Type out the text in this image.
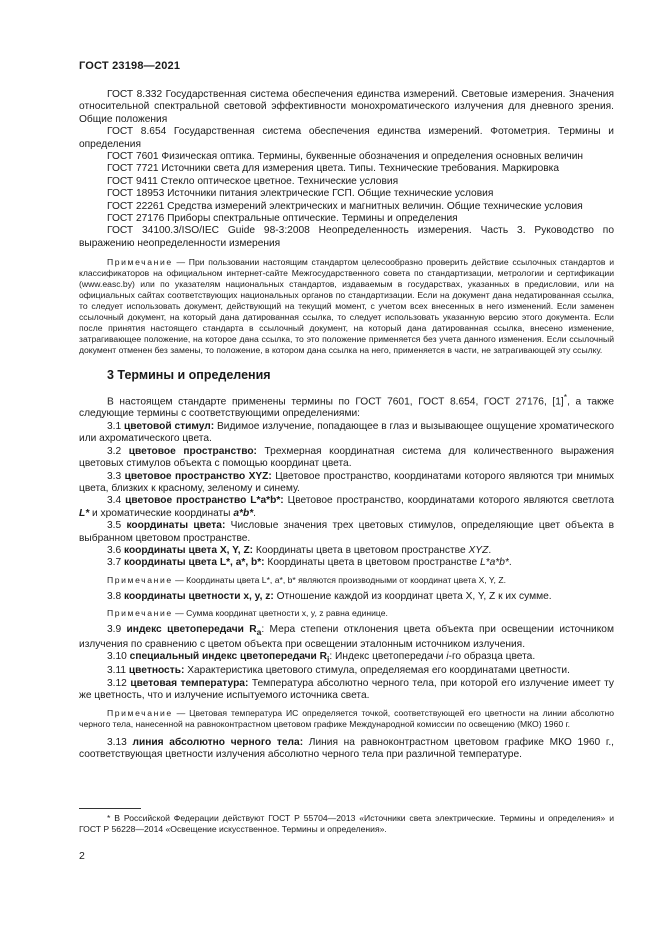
ГОСТ 23198—2021

ГОСТ 8.332 Государственная система обеспечения единства измерений. Световые измерения. Значения относительной спектральной световой эффективности монохроматического излучения для дневного зрения. Общие положения

ГОСТ 8.654 Государственная система обеспечения единства измерений. Фотометрия. Термины и определения

ГОСТ 7601 Физическая оптика. Термины, буквенные обозначения и определения основных величин

ГОСТ 7721 Источники света для измерения цвета. Типы. Технические требования. Маркировка

ГОСТ 9411 Стекло оптическое цветное. Технические условия

ГОСТ 18953 Источники питания электрические ГСП. Общие технические условия

ГОСТ 22261 Средства измерений электрических и магнитных величин. Общие технические условия

ГОСТ 27176 Приборы спектральные оптические. Термины и определения

ГОСТ 34100.3/ISO/IEC Guide 98-3:2008 Неопределенность измерения. Часть 3. Руководство по выражению неопределенности измерения

Примечание — При пользовании настоящим стандартом целесообразно проверить действие ссылочных стандартов и классификаторов на официальном интернет-сайте Межгосударственного совета по стандартизации, метрологии и сертификации (www.easc.by) или по указателям национальных стандартов, издаваемым в государствах, указанных в предисловии, или на официальных сайтах соответствующих национальных органов по стандартизации. Если на документ дана недатированная ссылка, то следует использовать документ, действующий на текущий момент, с учетом всех внесенных в него изменений. Если заменен ссылочный документ, на который дана датированная ссылка, то следует использовать указанную версию этого документа. Если после принятия настоящего стандарта в ссылочный документ, на который дана датированная ссылка, внесено изменение, затрагивающее положение, на которое дана ссылка, то это положение применяется без учета данного изменения. Если ссылочный документ отменен без замены, то положение, в котором дана ссылка на него, применяется в части, не затрагивающей эту ссылку.

3 Термины и определения

В настоящем стандарте применены термины по ГОСТ 7601, ГОСТ 8.654, ГОСТ 27176, [1]*, а также следующие термины с соответствующими определениями:

3.1 цветовой стимул: Видимое излучение, попадающее в глаз и вызывающее ощущение хроматического или ахроматического цвета.

3.2 цветовое пространство: Трехмерная координатная система для количественного выражения цветовых стимулов объекта с помощью координат цвета.

3.3 цветовое пространство XYZ: Цветовое пространство, координатами которого являются три мнимых цвета, близких к красному, зеленому и синему.

3.4 цветовое пространство L*a*b*: Цветовое пространство, координатами которого являются светлота L* и хроматические координаты a*b*.

3.5 координаты цвета: Числовые значения трех цветовых стимулов, определяющие цвет объекта в выбранном цветовом пространстве.

3.6 координаты цвета X, Y, Z: Координаты цвета в цветовом пространстве XYZ.

3.7 координаты цвета L*, a*, b*: Координаты цвета в цветовом пространстве L*a*b*.

Примечание — Координаты цвета L*, a*, b* являются производными от координат цвета X, Y, Z.

3.8 координаты цветности x, y, z: Отношение каждой из координат цвета X, Y, Z к их сумме.

Примечание — Сумма координат цветности x, y, z равна единице.

3.9 индекс цветопередачи $R_a$: Мера степени отклонения цвета объекта при освещении источником излучения по сравнению с цветом объекта при освещении эталонным источником излучения.

3.10 специальный индекс цветопередачи $R_i$: Индекс цветопередачи i-го образца цвета.

3.11 цветность: Характеристика цветового стимула, определяемая его координатами цветности.

3.12 цветовая температура: Температура абсолютно черного тела, при которой его излучение имеет ту же цветность, что и излучение испытуемого источника света.

Примечание — Цветовая температура ИС определяется точкой, соответствующей его цветности на линии абсолютно черного тела, нанесенной на равноконтрастном цветовом графике Международной комиссии по освещению (МКО) 1960 г.

3.13 линия абсолютно черного тела: Линия на равноконтрастном цветовом графике МКО 1960 г., соответствующая цветности излучения абсолютно черного тела при различной температуре.

* В Российской Федерации действуют ГОСТ Р 55704—2013 «Источники света электрические. Термины и определения» и ГОСТ Р 56228—2014 «Освещение искусственное. Термины и определения».
2
